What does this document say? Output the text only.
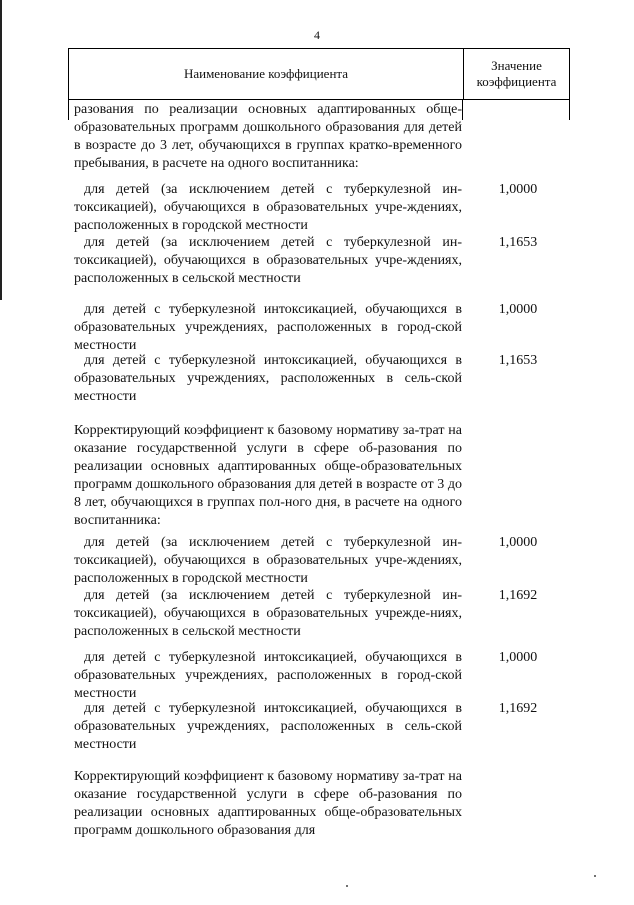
4
Наименование коэффициента
Значение
коэффициента
разования по реализации основных адаптированных обще-образовательных программ дошкольного образования для детей в возрасте до 3 лет, обучающихся в группах кратко-временного пребывания, в расчете на одного воспитанника:
для детей (за исключением детей с туберкулезной ин-токсикацией), обучающихся в образовательных учре-ждениях, расположенных в городской местности
1,0000
для детей (за исключением детей с туберкулезной ин-токсикацией), обучающихся в образовательных учре-ждениях, расположенных в сельской местности
1,1653
для детей с туберкулезной интоксикацией, обучающихся в образовательных учреждениях, расположенных в город-ской местности
1,0000
для детей с туберкулезной интоксикацией, обучающихся в образовательных учреждениях, расположенных в сель-ской местности
1,1653
Корректирующий коэффициент к базовому нормативу за-трат на оказание государственной услуги в сфере об-разования по реализации основных адаптированных обще-образовательных программ дошкольного образования для детей в возрасте от 3 до 8 лет, обучающихся в группах пол-ного дня, в расчете на одного воспитанника:
для детей (за исключением детей с туберкулезной ин-токсикацией), обучающихся в образовательных учре-ждениях, расположенных в городской местности
1,0000
для детей (за исключением детей с туберкулезной ин-токсикацией), обучающихся в образовательных учрежде-ниях, расположенных в сельской местности
1,1692
для детей с туберкулезной интоксикацией, обучающихся в образовательных учреждениях, расположенных в город-ской местности
1,0000
для детей с туберкулезной интоксикацией, обучающихся в образовательных учреждениях, расположенных в сель-ской местности
1,1692
Корректирующий коэффициент к базовому нормативу за-трат на оказание государственной услуги в сфере об-разования по реализации основных адаптированных обще-образовательных программ дошкольного образования для
